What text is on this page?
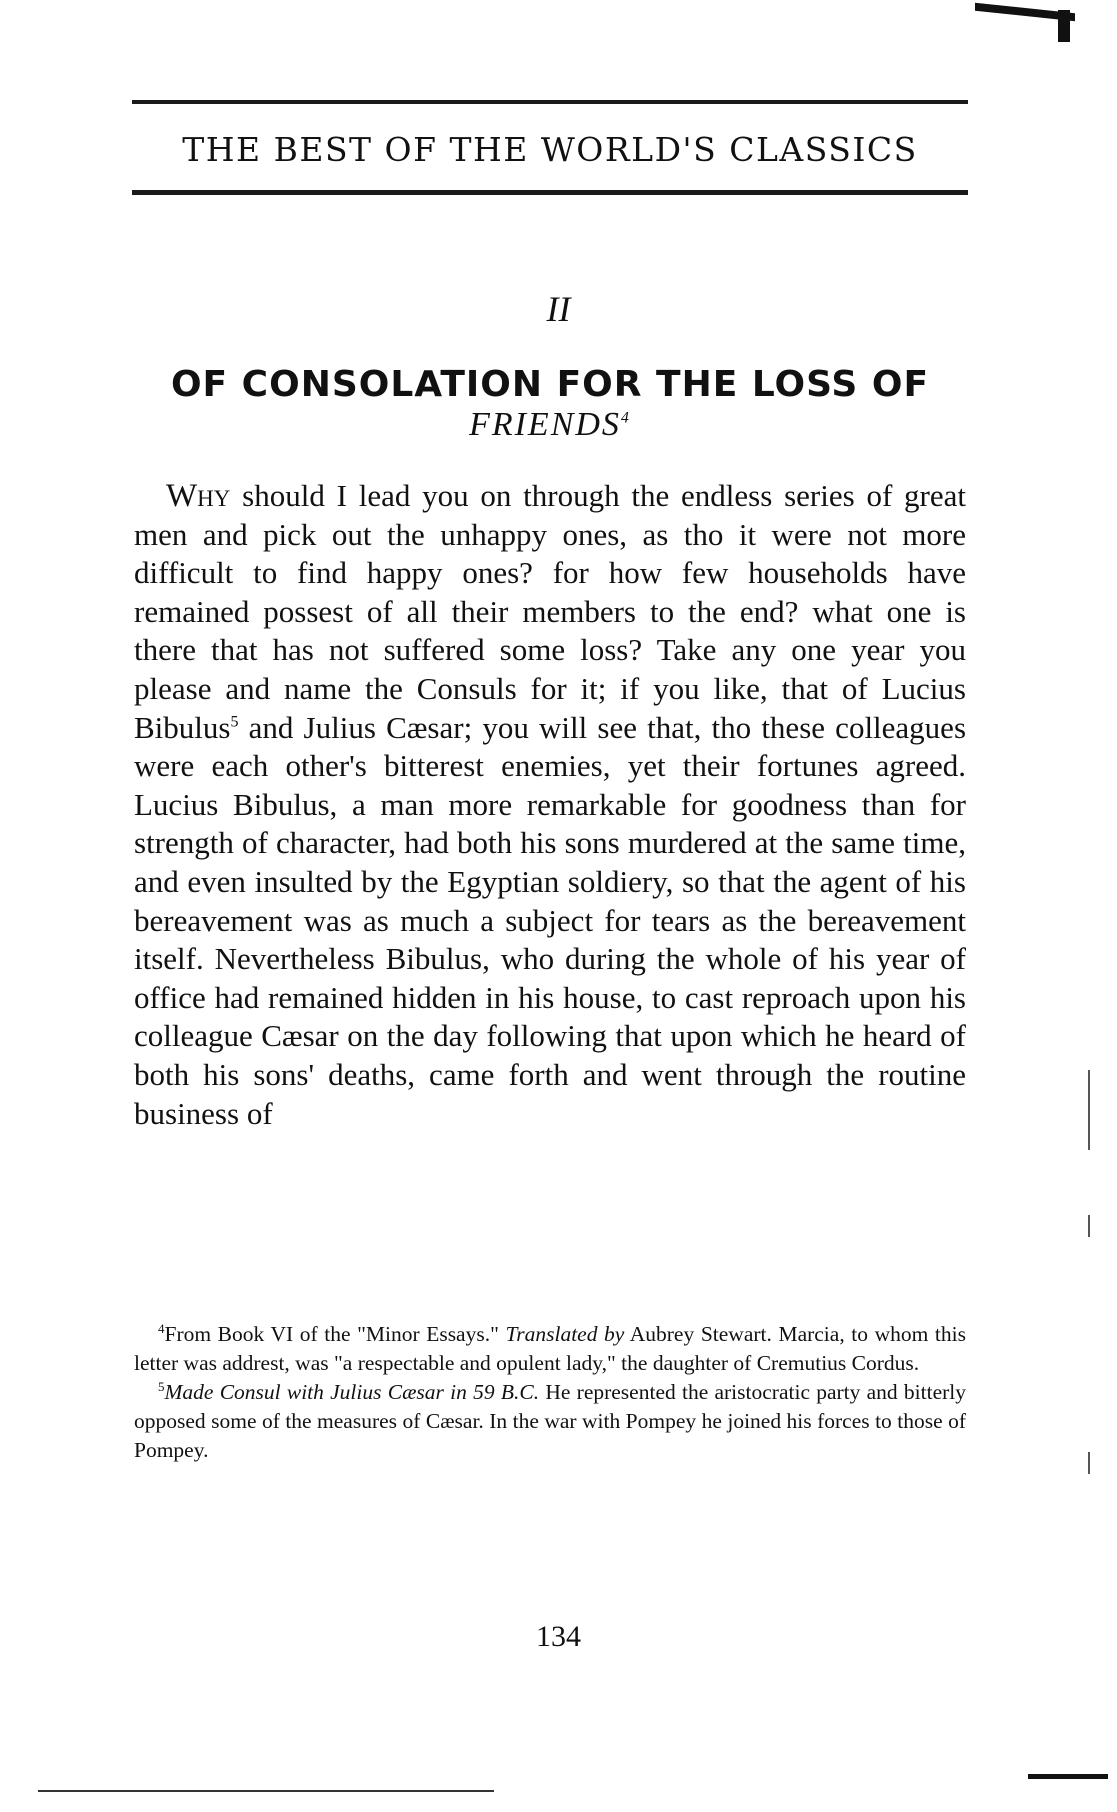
THE BEST OF THE WORLD'S CLASSICS
II
OF CONSOLATION FOR THE LOSS OF
FRIENDS$^4$

Why should I lead you on through the endless series of great men and pick out the unhappy ones, as tho it were not more difficult to find happy ones? for how few households have remained possest of all their members to the end? what one is there that has not suffered some loss? Take any one year you please and name the Consuls for it; if you like, that of Lucius Bibulus$^5$ and Julius Cæsar; you will see that, tho these colleagues were each other's bitterest enemies, yet their fortunes agreed. Lucius Bibulus, a man more remarkable for goodness than for strength of character, had both his sons murdered at the same time, and even insulted by the Egyptian soldiery, so that the agent of his bereavement was as much a subject for tears as the bereavement itself. Nevertheless Bibulus, who during the whole of his year of office had remained hidden in his house, to cast reproach upon his colleague Cæsar on the day following that upon which he heard of both his sons' deaths, came forth and went through the routine business of

$^4$From Book VI of the "Minor Essays." Translated by Aubrey Stewart. Marcia, to whom this letter was addrest, was "a respectable and opulent lady," the daughter of Cremutius Cordus.

$^5$Made Consul with Julius Cæsar in 59 B.C. He represented the aristocratic party and bitterly opposed some of the measures of Cæsar. In the war with Pompey he joined his forces to those of Pompey.

134
